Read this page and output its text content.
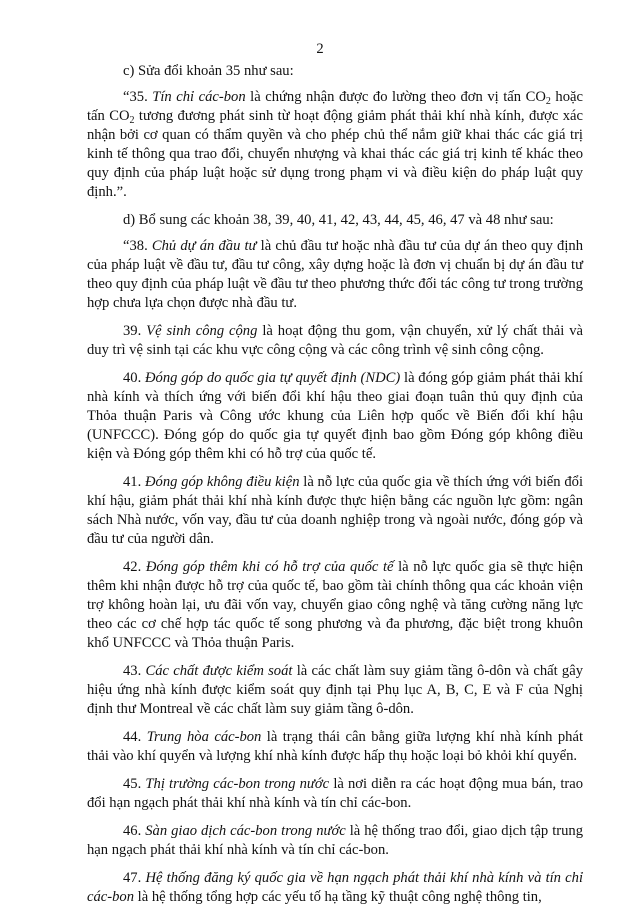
2

c) Sửa đổi khoản 35 như sau:

“35. Tín chỉ các-bon là chứng nhận được đo lường theo đơn vị tấn $CO_2$ hoặc tấn $CO_2$ tương đương phát sinh từ hoạt động giảm phát thải khí nhà kính, được xác nhận bởi cơ quan có thẩm quyền và cho phép chủ thể nắm giữ khai thác các giá trị kinh tế thông qua trao đổi, chuyển nhượng và khai thác các giá trị kinh tế khác theo quy định của pháp luật hoặc sử dụng trong phạm vi và điều kiện do pháp luật quy định.”.

d) Bổ sung các khoản 38, 39, 40, 41, 42, 43, 44, 45, 46, 47 và 48 như sau:

“38. Chủ dự án đầu tư là chủ đầu tư hoặc nhà đầu tư của dự án theo quy định của pháp luật về đầu tư, đầu tư công, xây dựng hoặc là đơn vị chuẩn bị dự án đầu tư theo quy định của pháp luật về đầu tư theo phương thức đối tác công tư trong trường hợp chưa lựa chọn được nhà đầu tư.

39. Vệ sinh công cộng là hoạt động thu gom, vận chuyển, xử lý chất thải và duy trì vệ sinh tại các khu vực công cộng và các công trình vệ sinh công cộng.

40. Đóng góp do quốc gia tự quyết định (NDC) là đóng góp giảm phát thải khí nhà kính và thích ứng với biến đổi khí hậu theo giai đoạn tuân thủ quy định của Thỏa thuận Paris và Công ước khung của Liên hợp quốc về Biến đổi khí hậu (UNFCCC). Đóng góp do quốc gia tự quyết định bao gồm Đóng góp không điều kiện và Đóng góp thêm khi có hỗ trợ của quốc tế.

41. Đóng góp không điều kiện là nỗ lực của quốc gia về thích ứng với biến đổi khí hậu, giảm phát thải khí nhà kính được thực hiện bằng các nguồn lực gồm: ngân sách Nhà nước, vốn vay, đầu tư của doanh nghiệp trong và ngoài nước, đóng góp và đầu tư của người dân.

42. Đóng góp thêm khi có hỗ trợ của quốc tế là nỗ lực quốc gia sẽ thực hiện thêm khi nhận được hỗ trợ của quốc tế, bao gồm tài chính thông qua các khoản viện trợ không hoàn lại, ưu đãi vốn vay, chuyển giao công nghệ và tăng cường năng lực theo các cơ chế hợp tác quốc tế song phương và đa phương, đặc biệt trong khuôn khổ UNFCCC và Thỏa thuận Paris.

43. Các chất được kiểm soát là các chất làm suy giảm tầng ô-dôn và chất gây hiệu ứng nhà kính được kiểm soát quy định tại Phụ lục A, B, C, E và F của Nghị định thư Montreal về các chất làm suy giảm tầng ô-dôn.

44. Trung hòa các-bon là trạng thái cân bằng giữa lượng khí nhà kính phát thải vào khí quyển và lượng khí nhà kính được hấp thụ hoặc loại bỏ khỏi khí quyển.

45. Thị trường các-bon trong nước là nơi diễn ra các hoạt động mua bán, trao đổi hạn ngạch phát thải khí nhà kính và tín chỉ các-bon.

46. Sàn giao dịch các-bon trong nước là hệ thống trao đổi, giao dịch tập trung hạn ngạch phát thải khí nhà kính và tín chỉ các-bon.

47. Hệ thống đăng ký quốc gia về hạn ngạch phát thải khí nhà kính và tín chỉ các-bon là hệ thống tổng hợp các yếu tố hạ tầng kỹ thuật công nghệ thông tin,
